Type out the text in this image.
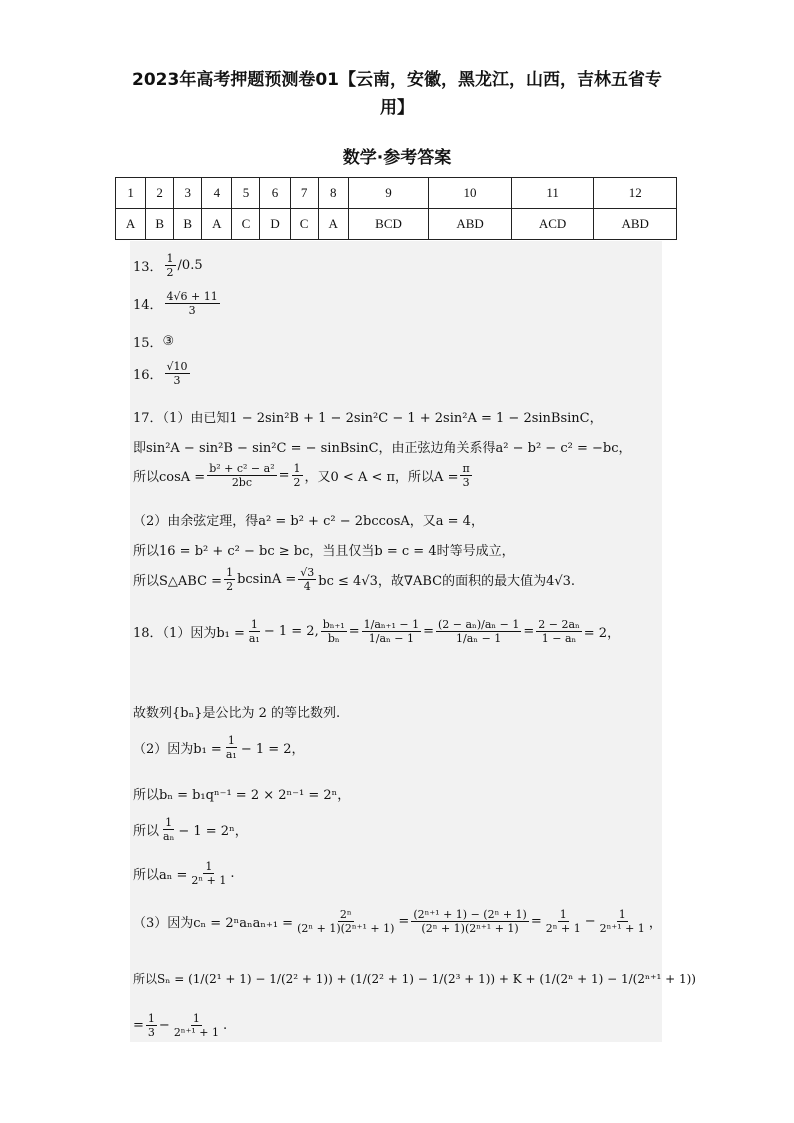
2023年高考押题预测卷01【云南，安徽，黑龙江，山西，吉林五省专用】
数学·参考答案
1	2	3	4	5	6	7	8	9	10	11	12
A	B	B	A	C	D	C	A	BCD	ABD	ACD	ABD
13． $\frac{1}{2} /0.5$
14． $\frac{4√6 + 11}{3}$
15． ③
16． $\frac{√10}{3}$
17．（1）由已知1 − 2sin²B + 1 − 2sin²C − 1 + 2sin²A = 1 − 2sinBsinC，
即sin²A − sin²B − sin²C = − sinBsinC，由正弦边角关系得a² − b² − c² = −bc，
所以$\cos A = \frac{\text{b² + c² − a²}}{2bc} = \frac{1}{2}$ ，又0 < A < π，所以$A = \frac{\pi}{3}$
（2）由余弦定理，得a² = b² + c² − 2bccosA，又a = 4，
所以16 = b² + c² − bc ≥ bc，当且仅当b = c = 4时等号成立，
所以S△ABC = $\frac{1}{2}$ $bcsinA = \frac{√3}{4}$ bc ≤ 4√3，故∇ABC的面积的最大值为4√3.
18．（1）因为$b_1 = \frac{1}{\text{a₁}} - 1 = 2$, $\frac{\text{bₙ₊₁}}{\text{bₙ}} = \frac{\text{1/aₙ₊₁ − 1}}{\text{1/aₙ − 1}} = \frac{\text{(2 − aₙ)/aₙ − 1}}{\text{1/aₙ − 1}} = \frac{\text{2 − 2aₙ}}{\text{1 − aₙ}} = 2$，
故数列{bₙ}是公比为 2 的等比数列.
（2）因为$b_1 = \frac{1}{\text{a₁}} - 1 = 2$，
所以bₙ = b₁qⁿ⁻¹ = 2 × 2ⁿ⁻¹ = 2ⁿ，
所以 $\frac{1}{\text{aₙ}} - 1 = 2^n$，
所以$a_n = \frac{1}{\text{2ⁿ + 1}}$ .
（3）因为$c_n = 2^na_na_{n+1} = \frac{\text{2ⁿ}}{\text{(2ⁿ + 1)(2ⁿ⁺¹ + 1)}} = \frac{\text{(2ⁿ⁺¹ + 1) − (2ⁿ + 1)}}{\text{(2ⁿ + 1)(2ⁿ⁺¹ + 1)}} = \frac{1}{\text{2ⁿ + 1}} - \frac{1}{\text{2ⁿ⁺¹ + 1}}$ ，
所以Sₙ = (1/(2¹ + 1) − 1/(2² + 1)) + (1/(2² + 1) − 1/(2³ + 1)) + K + (1/(2ⁿ + 1) − 1/(2ⁿ⁺¹ + 1))
= $\frac{1}{3} - \frac{1}{\text{2ⁿ⁺¹ + 1}}$ .
